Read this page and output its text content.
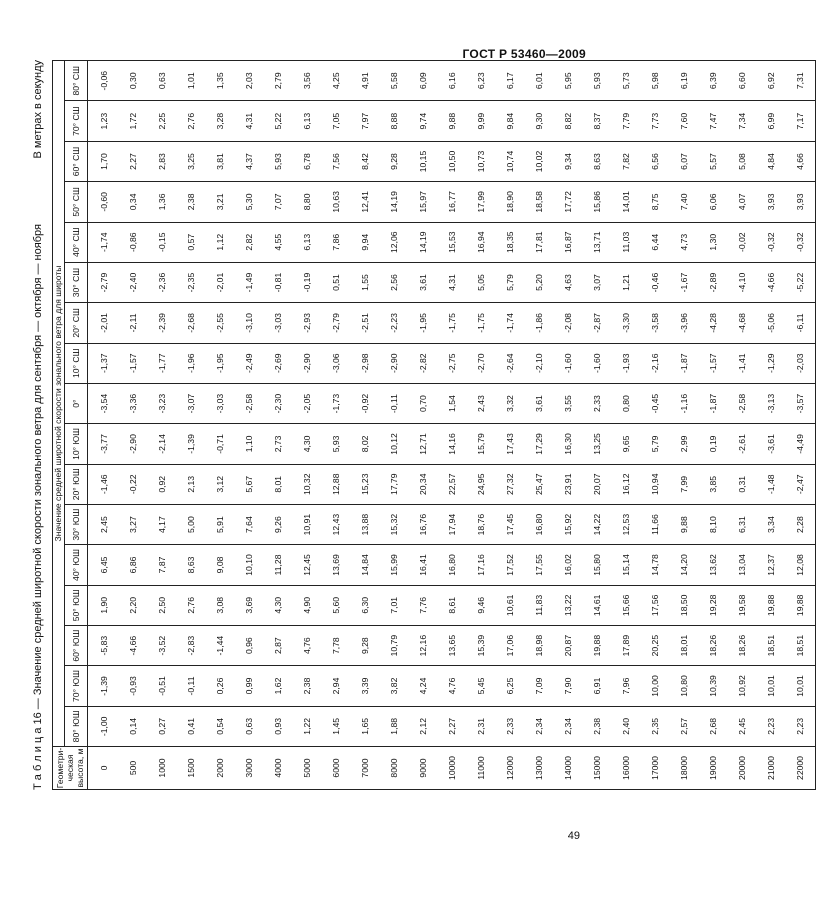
ГОСТ Р 53460—2009
Т а б л и ц а 16 — Значение средней широтной скорости зонального ветра для сентября — октября — ноября
В метрах в секунду
Геометри-ческая высота, м	Значение средней широтной скорости зонального ветра для широты																
	80° ЮШ	70° ЮШ	60° ЮШ	50° ЮШ	40° ЮШ	30° ЮШ	20° ЮШ	10° ЮШ	0°	10° СШ	20° СШ	30° СШ	40° СШ	50° СШ	60° СШ	70° СШ	80° СШ
0	-1,00	-1,39	-5,83	1,90	6,45	2,45	-1,46	-3,77	-3,54	-1,37	-2,01	-2,79	-1,74	-0,60	1,70	1,23	-0,06
500	0,14	-0,93	-4,66	2,20	6,86	3,27	-0,22	-2,90	-3,36	-1,57	-2,11	-2,40	-0,86	0,34	2,27	1,72	0,30
1000	0,27	-0,51	-3,52	2,50	7,87	4,17	0,92	-2,14	-3,23	-1,77	-2,39	-2,36	-0,15	1,36	2,83	2,25	0,63
1500	0,41	-0,11	-2,83	2,76	8,63	5,00	2,13	-1,39	-3,07	-1,96	-2,68	-2,35	0,57	2,38	3,25	2,76	1,01
2000	0,54	0,26	-1,44	3,08	9,08	5,91	3,12	-0,71	-3,03	-1,95	-2,55	-2,01	1,12	3,21	3,81	3,28	1,35
3000	0,63	0,99	0,96	3,69	10,10	7,64	5,67	1,10	-2,58	-2,49	-3,10	-1,49	2,82	5,30	4,37	4,31	2,03
4000	0,93	1,62	2,87	4,30	11,28	9,26	8,01	2,73	-2,30	-2,69	-3,03	-0,81	4,55	7,07	5,93	5,22	2,79
5000	1,22	2,38	4,76	4,90	12,45	10,91	10,32	4,30	-2,05	-2,90	-2,93	-0,19	6,13	8,80	6,78	6,13	3,56
6000	1,45	2,94	7,78	5,60	13,69	12,43	12,88	5,93	-1,73	-3,06	-2,79	0,51	7,86	10,63	7,56	7,05	4,25
7000	1,65	3,39	9,28	6,30	14,84	13,88	15,23	8,02	-0,92	-2,98	-2,51	1,55	9,94	12,41	8,42	7,97	4,91
8000	1,88	3,82	10,79	7,01	15,99	15,32	17,79	10,12	-0,11	-2,90	-2,23	2,56	12,06	14,19	9,28	8,88	5,58
9000	2,12	4,24	12,16	7,76	16,41	16,76	20,34	12,71	0,70	-2,82	-1,95	3,61	14,19	15,97	10,15	9,74	6,09
10000	2,27	4,76	13,65	8,61	16,80	17,94	22,57	14,16	1,54	-2,75	-1,75	4,31	15,53	16,77	10,50	9,88	6,16
11000	2,31	5,45	15,39	9,46	17,16	18,76	24,95	15,79	2,43	-2,70	-1,75	5,05	16,94	17,99	10,73	9,99	6,23
12000	2,33	6,25	17,06	10,61	17,52	17,45	27,32	17,43	3,32	-2,64	-1,74	5,79	18,35	18,90	10,74	9,84	6,17
13000	2,34	7,09	18,98	11,83	17,55	16,80	25,47	17,29	3,61	-2,10	-1,86	5,20	17,81	18,58	10,02	9,30	6,01
14000	2,34	7,90	20,87	13,22	16,02	15,92	23,91	16,30	3,55	-1,60	-2,08	4,63	16,87	17,72	9,34	8,82	5,95
15000	2,38	6,91	19,88	14,61	15,80	14,22	20,07	13,25	2,33	-1,60	-2,87	3,07	13,71	15,86	8,63	8,37	5,93
16000	2,40	7,96	17,89	15,66	15,14	12,53	16,12	9,65	0,80	-1,93	-3,30	1,21	11,03	14,01	7,82	7,79	5,73
17000	2,35	10,00	20,25	17,56	14,78	11,66	10,94	5,79	-0,45	-2,16	-3,58	-0,46	6,44	8,75	6,56	7,73	5,98
18000	2,57	10,80	18,01	18,50	14,20	9,88	7,99	2,99	-1,16	-1,87	-3,96	-1,67	4,73	7,40	6,07	7,60	6,19
19000	2,68	10,39	18,26	19,28	13,62	8,10	3,85	0,19	-1,87	-1,57	-4,28	-2,89	1,30	6,06	5,57	7,47	6,39
20000	2,45	10,92	18,26	19,58	13,04	6,31	0,31	-2,61	-2,58	-1,41	-4,68	-4,10	-0,02	4,07	5,08	7,34	6,60
21000	2,23	10,01	18,51	19,88	12,37	3,34	-1,48	-3,61	-3,13	-1,29	-5,06	-4,66	-0,32	3,93	4,84	6,99	6,92
22000	2,23	10,01	18,51	19,88	12,08	2,28	-2,47	-4,49	-3,57	-2,03	-6,11	-5,22	-0,32	3,93	4,66	7,17	7,31
49
